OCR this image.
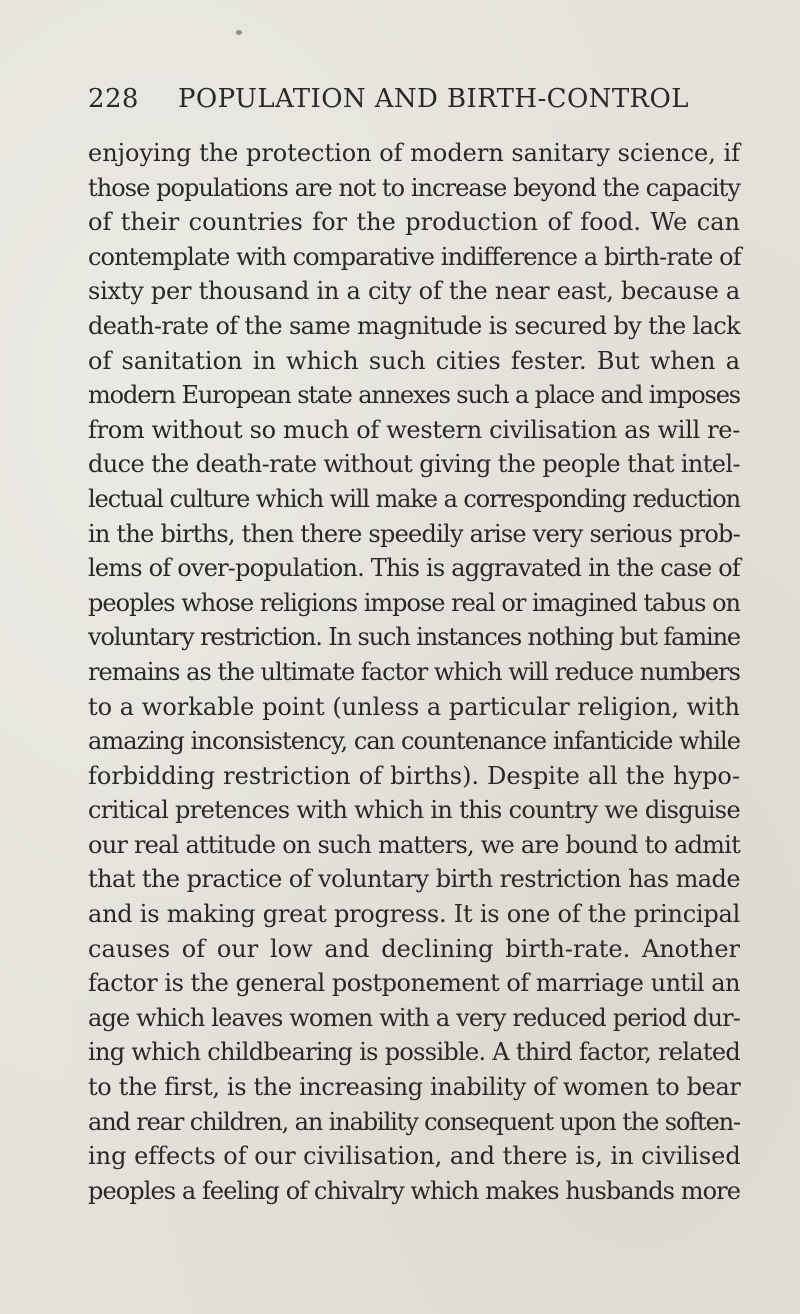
228 POPULATION AND BIRTH-CONTROL
enjoying the protection of modern sanitary science, if
those populations are not to increase beyond the capacity
of their countries for the production of food. We can
contemplate with comparative indifference a birth-rate of
sixty per thousand in a city of the near east, because a
death-rate of the same magnitude is secured by the lack
of sanitation in which such cities fester. But when a
modern European state annexes such a place and imposes
from without so much of western civilisation as will re-
duce the death-rate without giving the people that intel-
lectual culture which will make a corresponding reduction
in the births, then there speedily arise very serious prob-
lems of over-population. This is aggravated in the case of
peoples whose religions impose real or imagined tabus on
voluntary restriction. In such instances nothing but famine
remains as the ultimate factor which will reduce numbers
to a workable point (unless a particular religion, with
amazing inconsistency, can countenance infanticide while
forbidding restriction of births). Despite all the hypo-
critical pretences with which in this country we disguise
our real attitude on such matters, we are bound to admit
that the practice of voluntary birth restriction has made
and is making great progress. It is one of the principal
causes of our low and declining birth-rate. Another
factor is the general postponement of marriage until an
age which leaves women with a very reduced period dur-
ing which childbearing is possible. A third factor, related
to the first, is the increasing inability of women to bear
and rear children, an inability consequent upon the soften-
ing effects of our civilisation, and there is, in civilised
peoples a feeling of chivalry which makes husbands more
